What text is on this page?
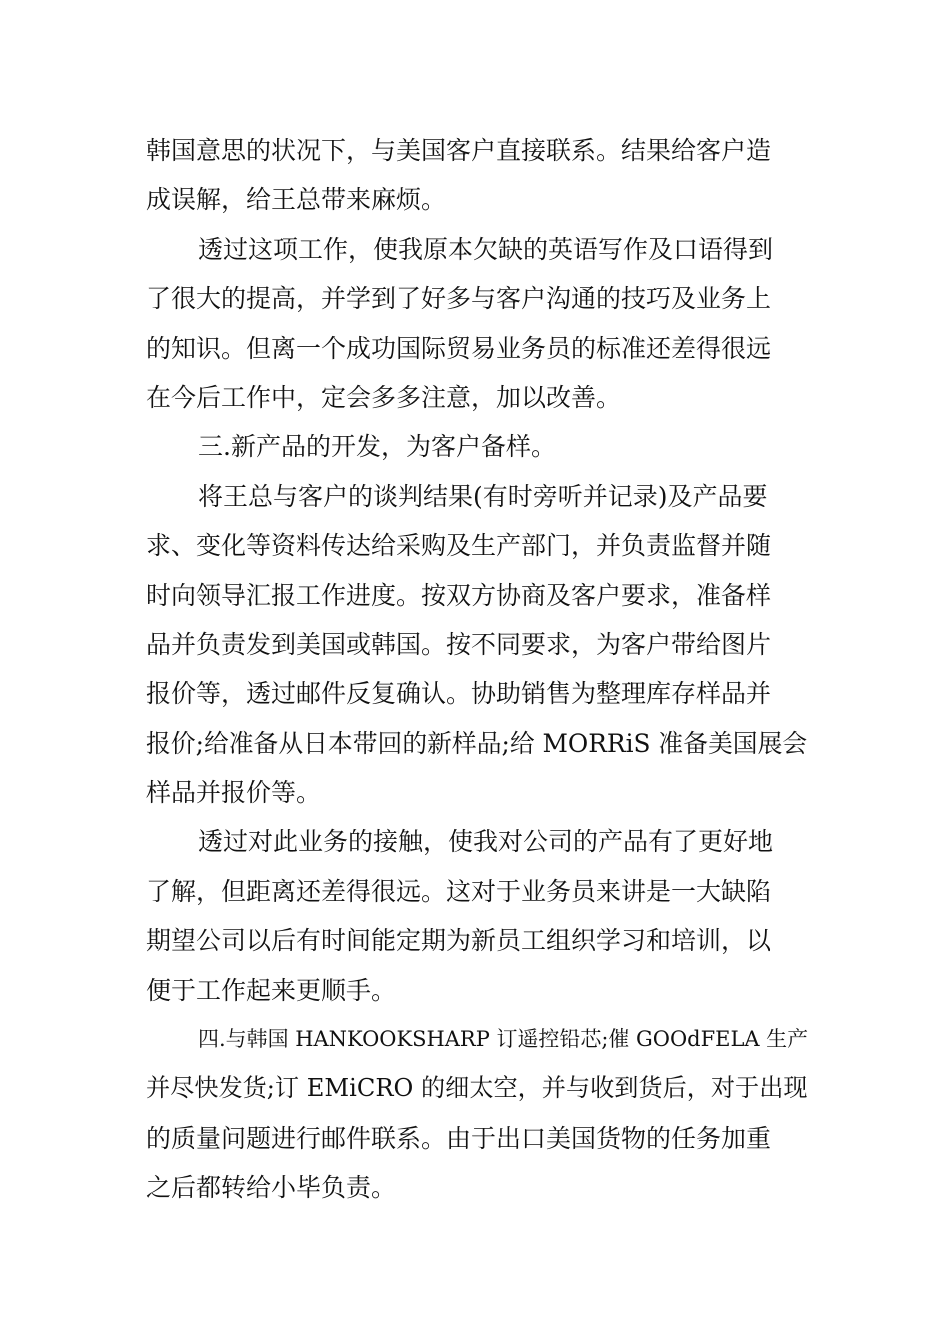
韩国意思的状况下，与美国客户直接联系。结果给客户造
成误解，给王总带来麻烦。
透过这项工作，使我原本欠缺的英语写作及口语得到
了很大的提高，并学到了好多与客户沟通的技巧及业务上
的知识。但离一个成功国际贸易业务员的标准还差得很远
在今后工作中，定会多多注意，加以改善。
三.新产品的开发，为客户备样。
将王总与客户的谈判结果(有时旁听并记录)及产品要
求、变化等资料传达给采购及生产部门，并负责监督并随
时向领导汇报工作进度。按双方协商及客户要求，准备样
品并负责发到美国或韩国。按不同要求，为客户带给图片
报价等，透过邮件反复确认。协助销售为整理库存样品并
报价;给准备从日本带回的新样品;给 MORRiS 准备美国展会
样品并报价等。
透过对此业务的接触，使我对公司的产品有了更好地
了解，但距离还差得很远。这对于业务员来讲是一大缺陷
期望公司以后有时间能定期为新员工组织学习和培训，以
便于工作起来更顺手。
四.与韩国 HANKOOKSHARP 订遥控铅芯;催 GOOdFELA 生产
并尽快发货;订 EMiCRO 的细太空，并与收到货后，对于出现
的质量问题进行邮件联系。由于出口美国货物的任务加重
之后都转给小毕负责。
